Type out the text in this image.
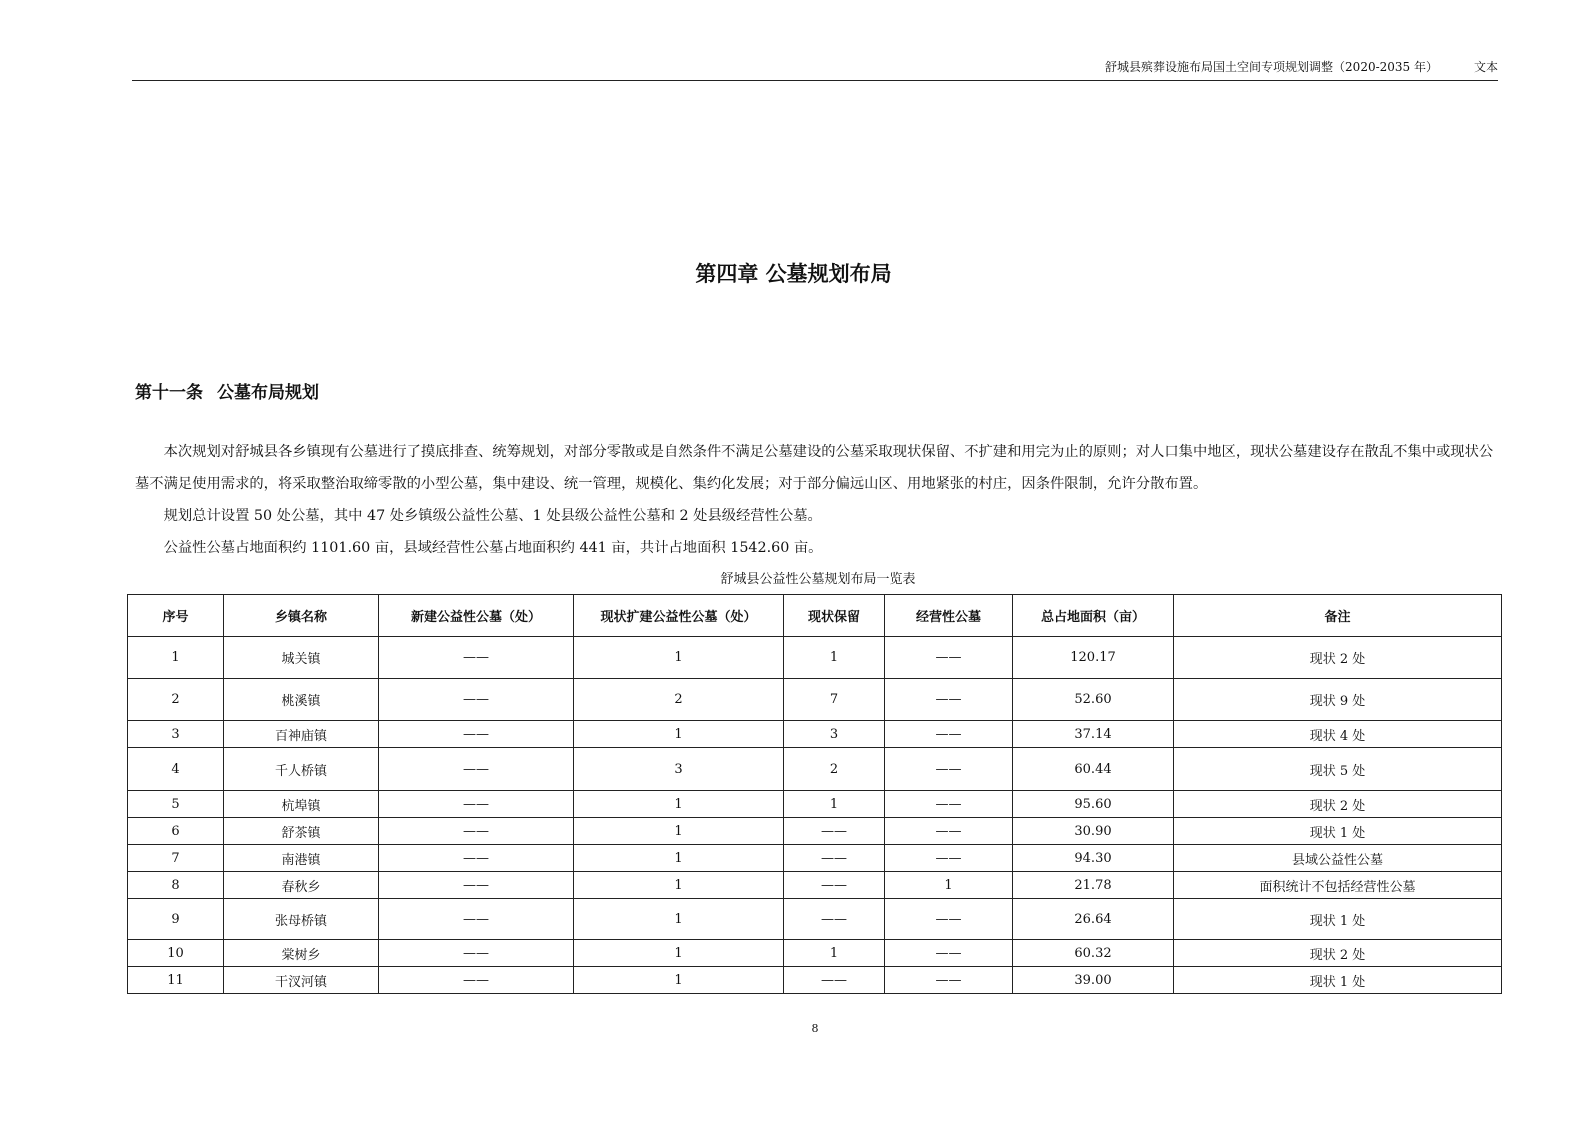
舒城县殡葬设施布局国土空间专项规划调整（2020-2035 年）	文本
第四章 公墓规划布局
第十一条 公墓布局规划

本次规划对舒城县各乡镇现有公墓进行了摸底排查、统筹规划，对部分零散或是自然条件不满足公墓建设的公墓采取现状保留、不扩建和用完为止的原则；对人口集中地区，现状公墓建设存在散乱不集中或现状公墓不满足使用需求的，将采取整治取缔零散的小型公墓，集中建设、统一管理，规模化、集约化发展；对于部分偏远山区、用地紧张的村庄，因条件限制，允许分散布置。

规划总计设置 50 处公墓，其中 47 处乡镇级公益性公墓、1 处县级公益性公墓和 2 处县级经营性公墓。

公益性公墓占地面积约 1101.60 亩，县域经营性公墓占地面积约 441 亩，共计占地面积 1542.60 亩。

舒城县公益性公墓规划布局一览表
序号	乡镇名称	新建公益性公墓（处）	现状扩建公益性公墓（处）	现状保留	经营性公墓	总占地面积（亩）	备注
1	城关镇	——	1	1	——	120.17	现状 2 处
2	桃溪镇	——	2	7	——	52.60	现状 9 处
3	百神庙镇	——	1	3	——	37.14	现状 4 处
4	千人桥镇	——	3	2	——	60.44	现状 5 处
5	杭埠镇	——	1	1	——	95.60	现状 2 处
6	舒茶镇	——	1	——	——	30.90	现状 1 处
7	南港镇	——	1	——	——	94.30	县域公益性公墓
8	春秋乡	——	1	——	1	21.78	面积统计不包括经营性公墓
9	张母桥镇	——	1	——	——	26.64	现状 1 处
10	棠树乡	——	1	1	——	60.32	现状 2 处
11	干汊河镇	——	1	——	——	39.00	现状 1 处
8
